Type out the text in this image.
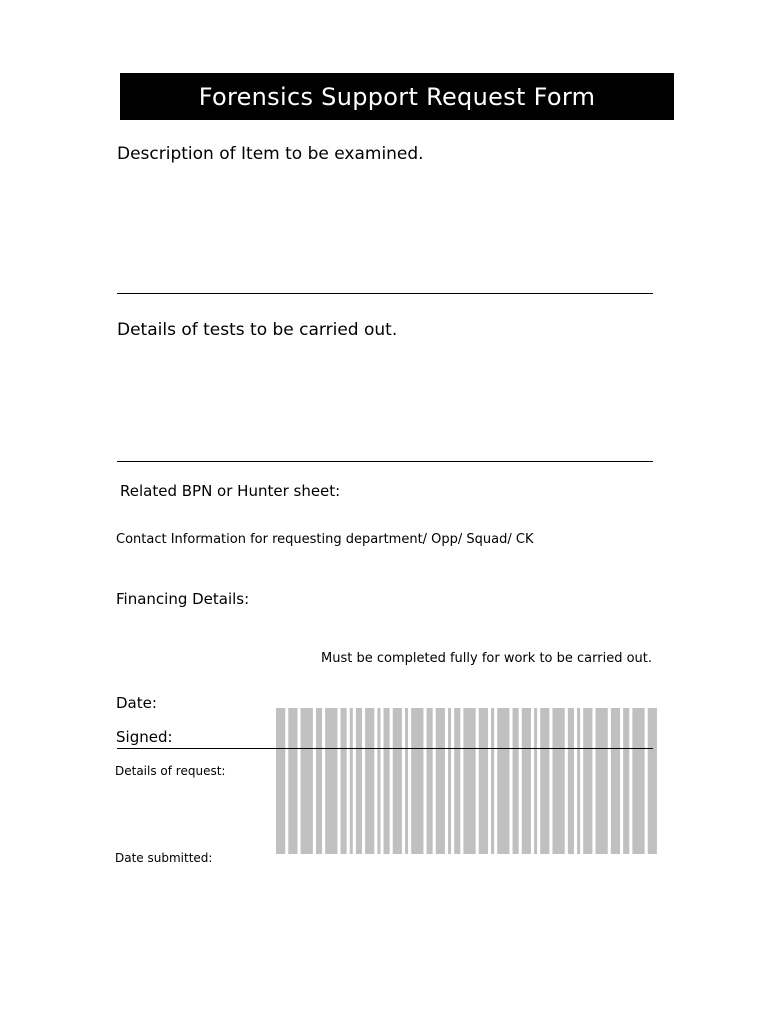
Forensics Support Request Form
Description of Item to be examined.
Details of tests to be carried out.
Related BPN or Hunter sheet:
Contact Information for requesting department/ Opp/ Squad/ CK
Financing Details:
Must be completed fully for work to be carried out.
Date:
Signed:
Details of request:
Date submitted:
